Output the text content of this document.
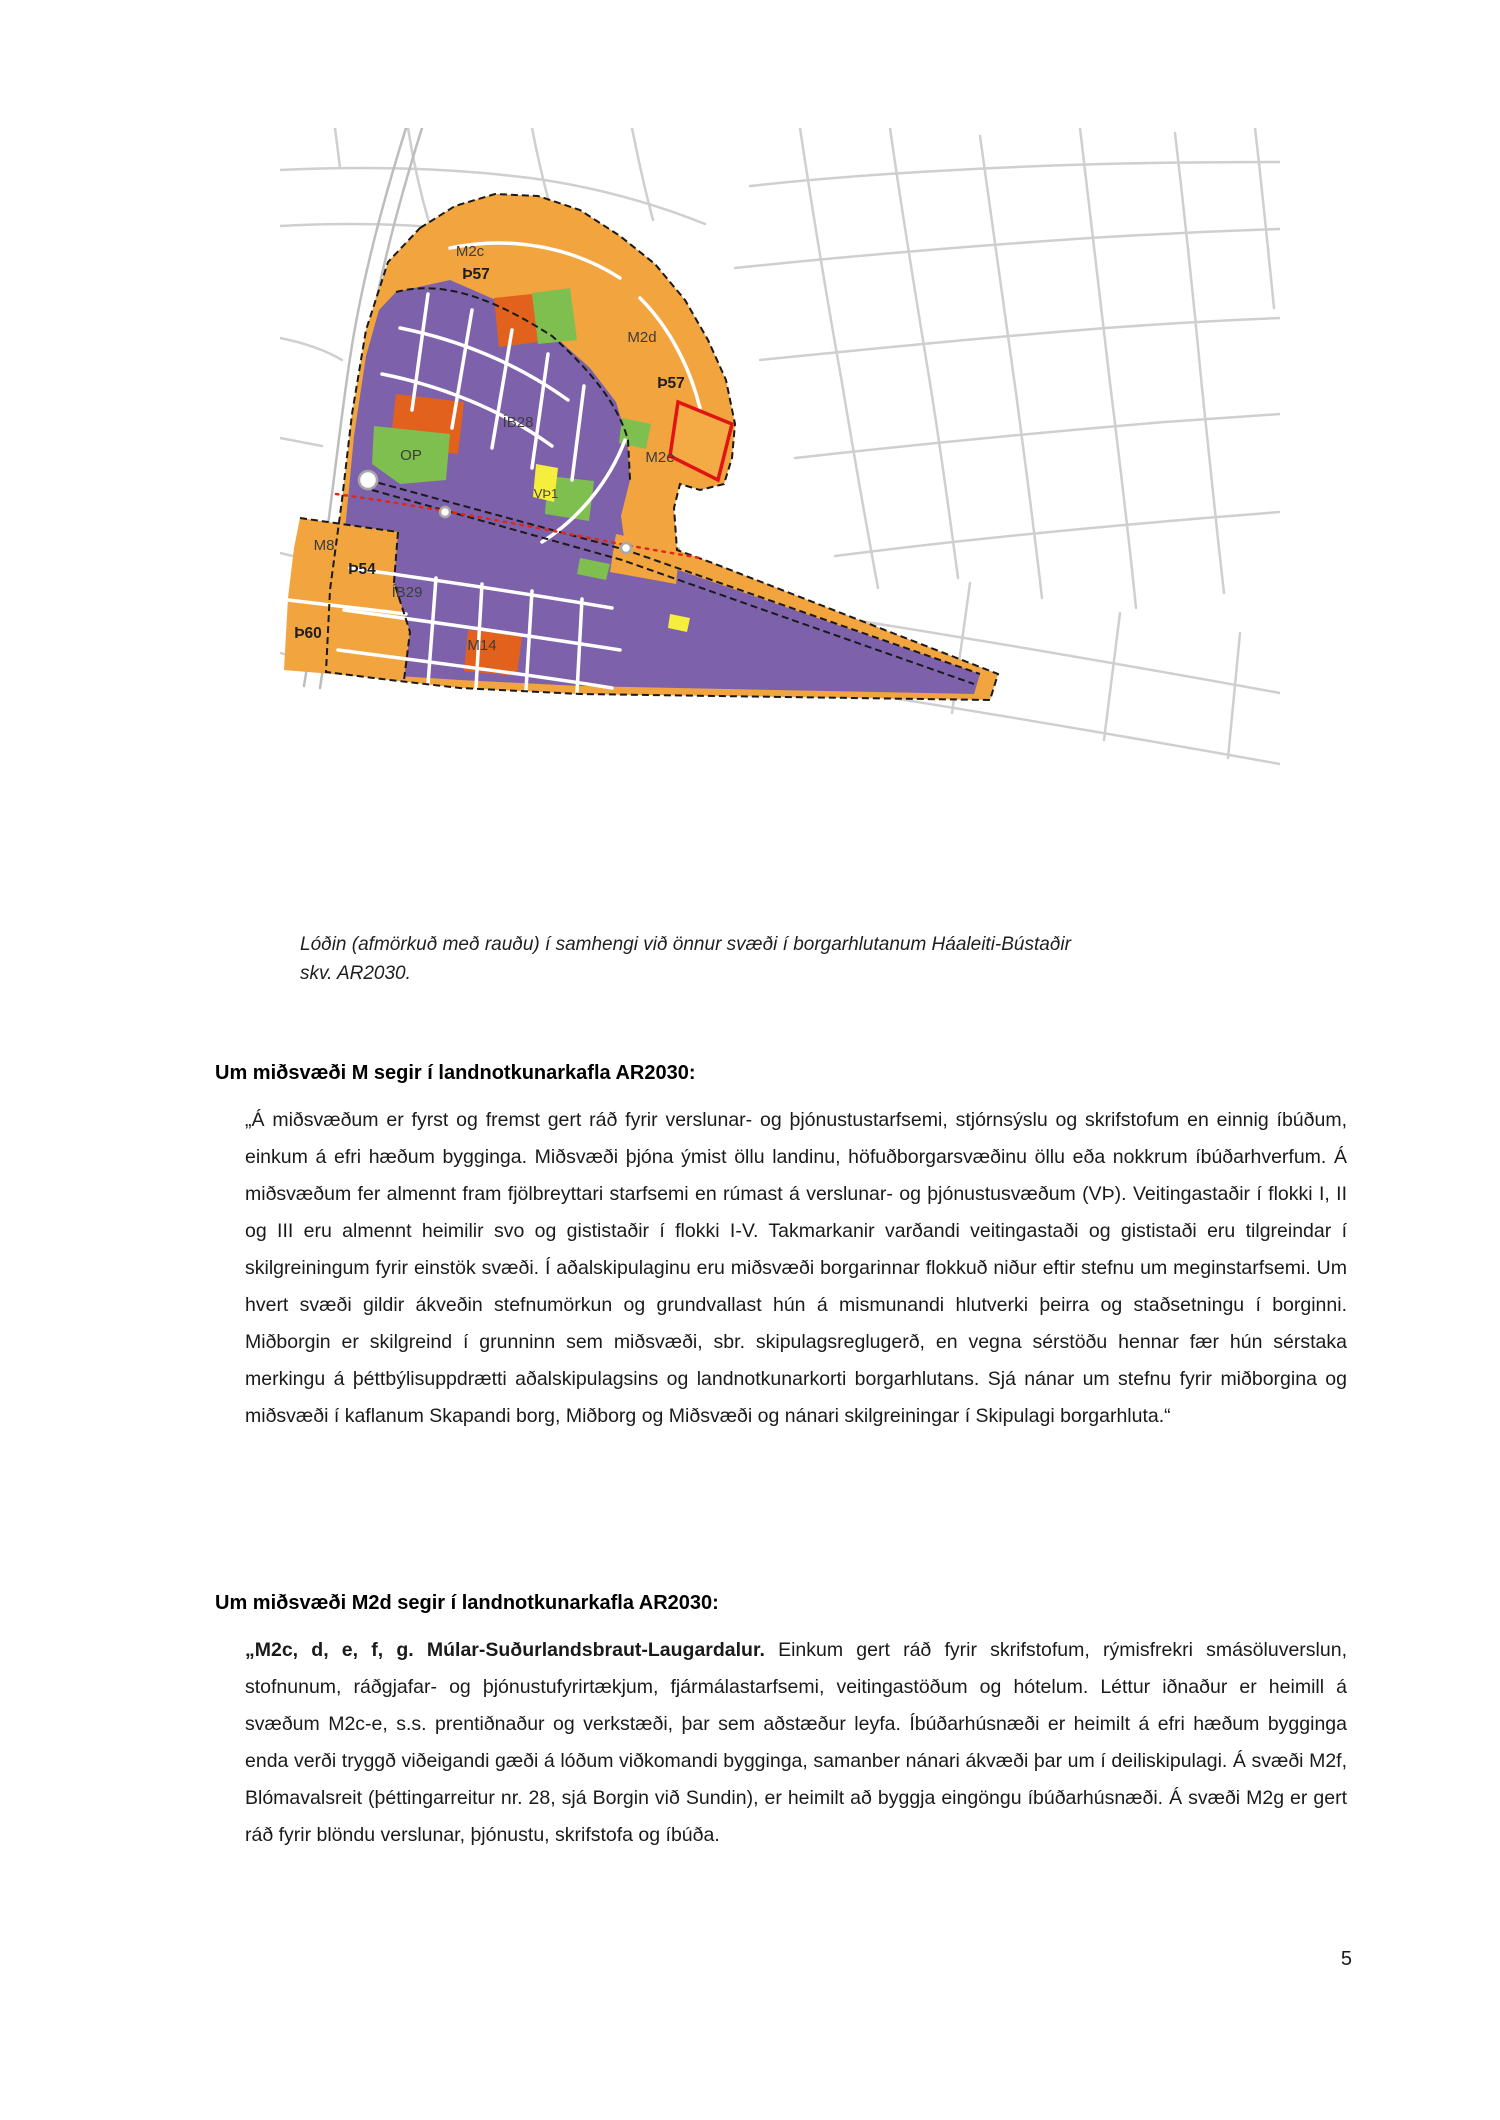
M2c
Þ57
M2d
Þ57
ÍB28
OP
VÞ1
M2e
M8
Þ54
ÍB29
Þ60
M14
Lóðin (afmörkuð með rauðu) í samhengi við önnur svæði í borgarhlutanum Háaleiti-Bústaðir
skv. AR2030.
Um miðsvæði M segir í landnotkunarkafla AR2030:

„Á miðsvæðum er fyrst og fremst gert ráð fyrir verslunar- og þjónustustarfsemi, stjórnsýslu og skrifstofum en einnig íbúðum, einkum á efri hæðum bygginga. Miðsvæði þjóna ýmist öllu landinu, höfuðborgarsvæðinu öllu eða nokkrum íbúðarhverfum. Á miðsvæðum fer almennt fram fjölbreyttari starfsemi en rúmast á verslunar- og þjónustusvæðum (VÞ). Veitingastaðir í flokki I, II og III eru almennt heimilir svo og gististaðir í flokki I-V. Takmarkanir varðandi veitingastaði og gististaði eru tilgreindar í skilgreiningum fyrir einstök svæði. Í aðalskipulaginu eru miðsvæði borgarinnar flokkuð niður eftir stefnu um meginstarfsemi. Um hvert svæði gildir ákveðin stefnumörkun og grundvallast hún á mismunandi hlutverki þeirra og staðsetningu í borginni. Miðborgin er skilgreind í grunninn sem miðsvæði, sbr. skipulagsreglugerð, en vegna sérstöðu hennar fær hún sérstaka merkingu á þéttbýlisuppdrætti aðalskipulagsins og landnotkunarkorti borgarhlutans. Sjá nánar um stefnu fyrir miðborgina og miðsvæði í kaflanum Skapandi borg, Miðborg og Miðsvæði og nánari skilgreiningar í Skipulagi borgarhluta.“

Um miðsvæði M2d segir í landnotkunarkafla AR2030:

„M2c, d, e, f, g. Múlar-Suðurlandsbraut-Laugardalur. Einkum gert ráð fyrir skrifstofum, rýmisfrekri smásöluverslun, stofnunum, ráðgjafar- og þjónustufyrirtækjum, fjármálastarfsemi, veitingastöðum og hótelum. Léttur iðnaður er heimill á svæðum M2c-e, s.s. prentiðnaður og verkstæði, þar sem aðstæður leyfa. Íbúðarhúsnæði er heimilt á efri hæðum bygginga enda verði tryggð viðeigandi gæði á lóðum viðkomandi bygginga, samanber nánari ákvæði þar um í deiliskipulagi. Á svæði M2f, Blómavalsreit (þéttingarreitur nr. 28, sjá Borgin við Sundin), er heimilt að byggja eingöngu íbúðarhúsnæði. Á svæði M2g er gert ráð fyrir blöndu verslunar, þjónustu, skrifstofa og íbúða.

5
